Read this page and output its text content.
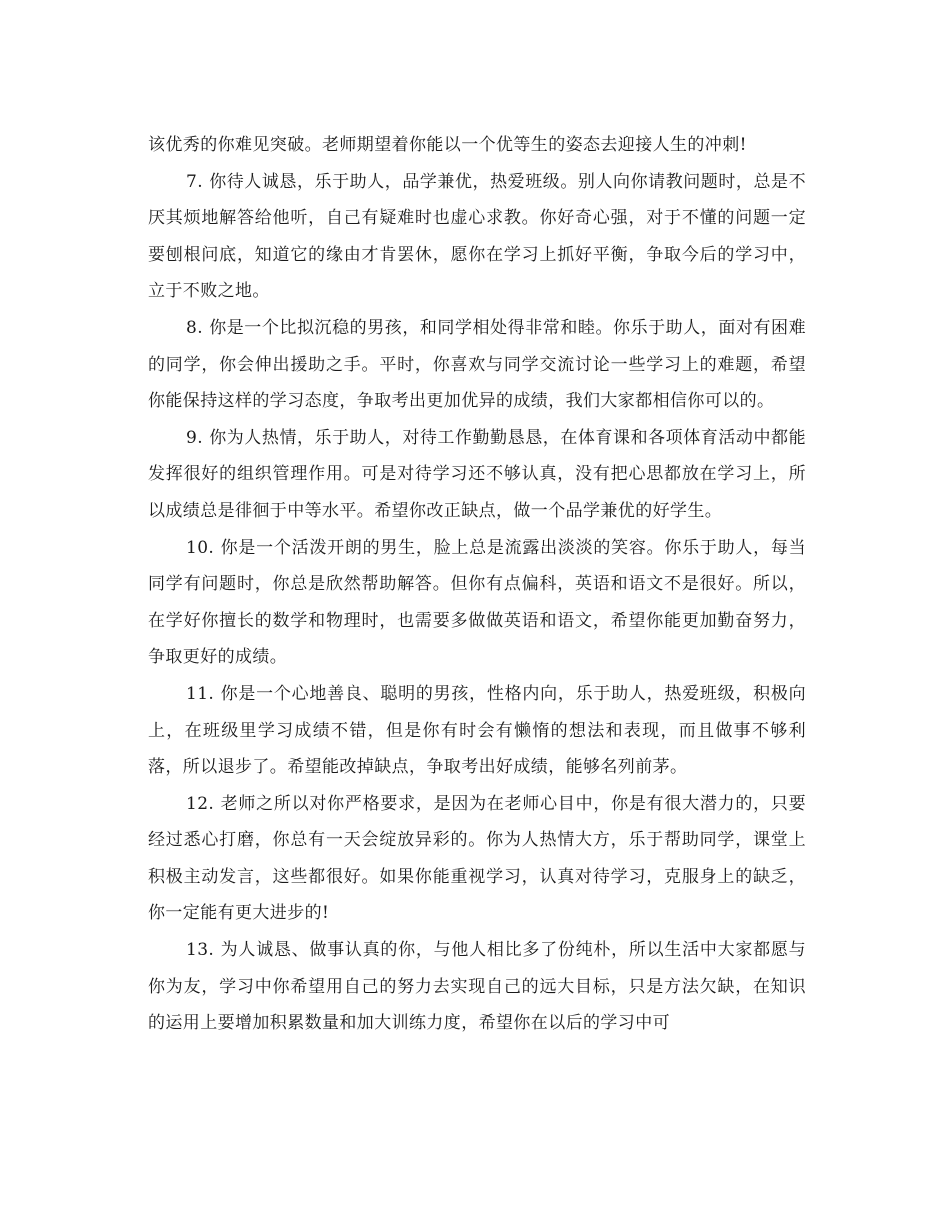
该优秀的你难见突破。老师期望着你能以一个优等生的姿态去迎接人生的冲刺!

7. 你待人诚恳，乐于助人，品学兼优，热爱班级。别人向你请教问题时，总是不厌其烦地解答给他听，自己有疑难时也虚心求教。你好奇心强，对于不懂的问题一定要刨根问底，知道它的缘由才肯罢休，愿你在学习上抓好平衡，争取今后的学习中，立于不败之地。

8. 你是一个比拟沉稳的男孩，和同学相处得非常和睦。你乐于助人，面对有困难的同学，你会伸出援助之手。平时，你喜欢与同学交流讨论一些学习上的难题，希望你能保持这样的学习态度，争取考出更加优异的成绩，我们大家都相信你可以的。

9. 你为人热情，乐于助人，对待工作勤勤恳恳，在体育课和各项体育活动中都能发挥很好的组织管理作用。可是对待学习还不够认真，没有把心思都放在学习上，所以成绩总是徘徊于中等水平。希望你改正缺点，做一个品学兼优的好学生。

10. 你是一个活泼开朗的男生，脸上总是流露出淡淡的笑容。你乐于助人，每当同学有问题时，你总是欣然帮助解答。但你有点偏科，英语和语文不是很好。所以，在学好你擅长的数学和物理时，也需要多做做英语和语文，希望你能更加勤奋努力，争取更好的成绩。

11. 你是一个心地善良、聪明的男孩，性格内向，乐于助人，热爱班级，积极向上，在班级里学习成绩不错，但是你有时会有懒惰的想法和表现，而且做事不够利落，所以退步了。希望能改掉缺点，争取考出好成绩，能够名列前茅。

12. 老师之所以对你严格要求，是因为在老师心目中，你是有很大潜力的，只要经过悉心打磨，你总有一天会绽放异彩的。你为人热情大方，乐于帮助同学，课堂上积极主动发言，这些都很好。如果你能重视学习，认真对待学习，克服身上的缺乏，你一定能有更大进步的!

13. 为人诚恳、做事认真的你，与他人相比多了份纯朴，所以生活中大家都愿与你为友，学习中你希望用自己的努力去实现自己的远大目标，只是方法欠缺，在知识的运用上要增加积累数量和加大训练力度，希望你在以后的学习中可
